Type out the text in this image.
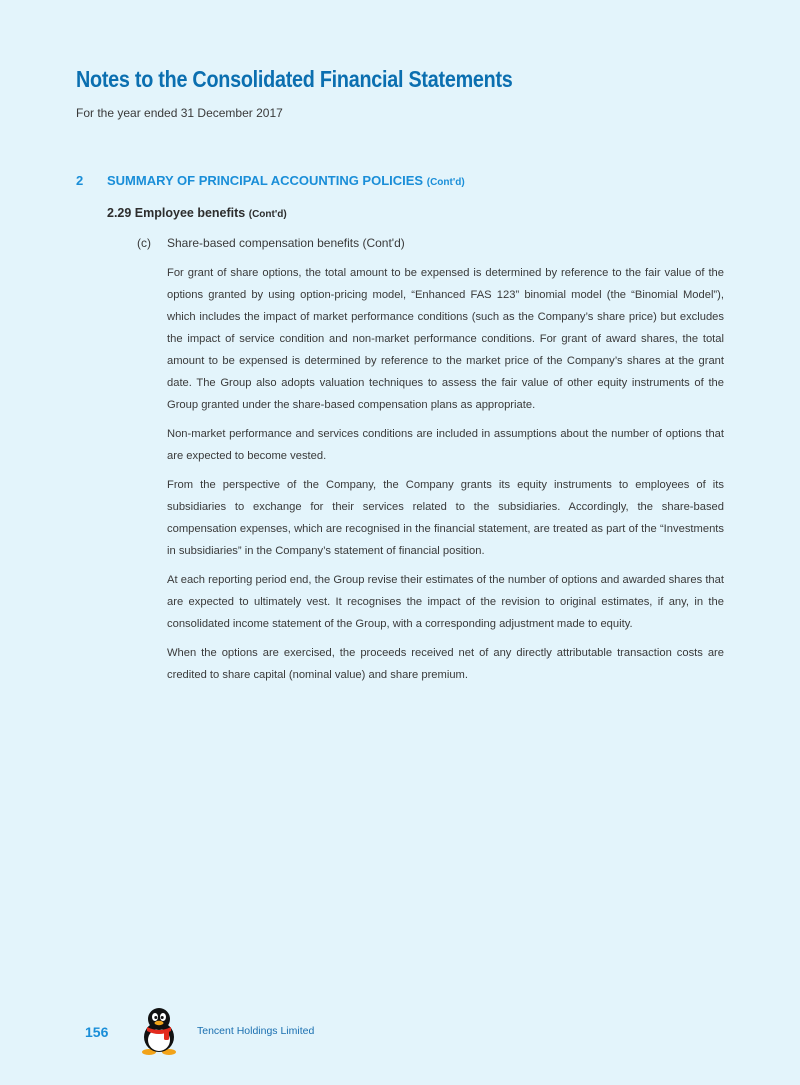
Notes to the Consolidated Financial Statements
For the year ended 31 December 2017
2 SUMMARY OF PRINCIPAL ACCOUNTING POLICIES (Cont'd)
2.29 Employee benefits (Cont'd)
(c) Share-based compensation benefits (Cont'd)

For grant of share options, the total amount to be expensed is determined by reference to the fair value of the options granted by using option-pricing model, “Enhanced FAS 123” binomial model (the “Binomial Model”), which includes the impact of market performance conditions (such as the Company’s share price) but excludes the impact of service condition and non-market performance conditions. For grant of award shares, the total amount to be expensed is determined by reference to the market price of the Company’s shares at the grant date. The Group also adopts valuation techniques to assess the fair value of other equity instruments of the Group granted under the share-based compensation plans as appropriate.

Non-market performance and services conditions are included in assumptions about the number of options that are expected to become vested.

From the perspective of the Company, the Company grants its equity instruments to employees of its subsidiaries to exchange for their services related to the subsidiaries. Accordingly, the share-based compensation expenses, which are recognised in the financial statement, are treated as part of the “Investments in subsidiaries” in the Company’s statement of financial position.

At each reporting period end, the Group revise their estimates of the number of options and awarded shares that are expected to ultimately vest. It recognises the impact of the revision to original estimates, if any, in the consolidated income statement of the Group, with a corresponding adjustment made to equity.

When the options are exercised, the proceeds received net of any directly attributable transaction costs are credited to share capital (nominal value) and share premium.

156	Tencent Holdings Limited
